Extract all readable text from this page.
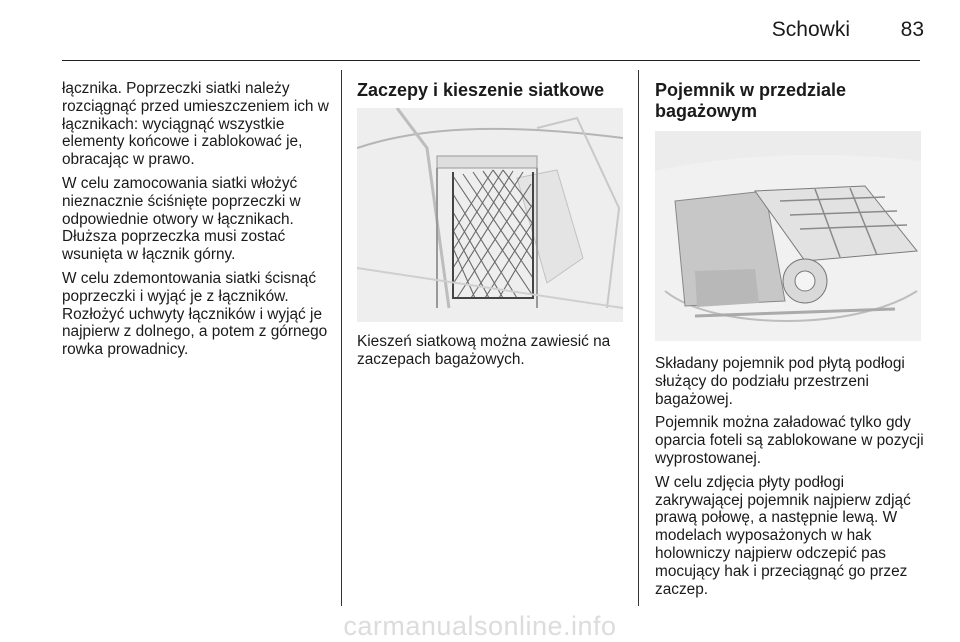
Schowki	83

łącznika. Poprzeczki siatki należy rozciągnąć przed umieszczeniem ich w łącznikach: wyciągnąć wszystkie elementy końcowe i zablokować je, obracając w prawo.

W celu zamocowania siatki włożyć nieznacznie ściśnięte poprzeczki w odpowiednie otwory w łącznikach. Dłuższa poprzeczka musi zostać wsunięta w łącznik górny.

W celu zdemontowania siatki ścisnąć poprzeczki i wyjąć je z łączników. Rozłożyć uchwyty łączników i wyjąć je najpierw z dolnego, a potem z górnego rowka prowadnicy.

Zaczepy i kieszenie siatkowe

Kieszeń siatkową można zawiesić na zaczepach bagażowych.

Pojemnik w przedziale bagażowym

Składany pojemnik pod płytą podłogi służący do podziału przestrzeni bagażowej.

Pojemnik można załadować tylko gdy oparcia foteli są zablokowane w pozycji wyprostowanej.

W celu zdjęcia płyty podłogi zakrywającej pojemnik najpierw zdjąć prawą połowę, a następnie lewą. W modelach wyposażonych w hak holowniczy najpierw odczepić pas mocujący hak i przeciągnąć go przez zaczep.

carmanualsonline.info
